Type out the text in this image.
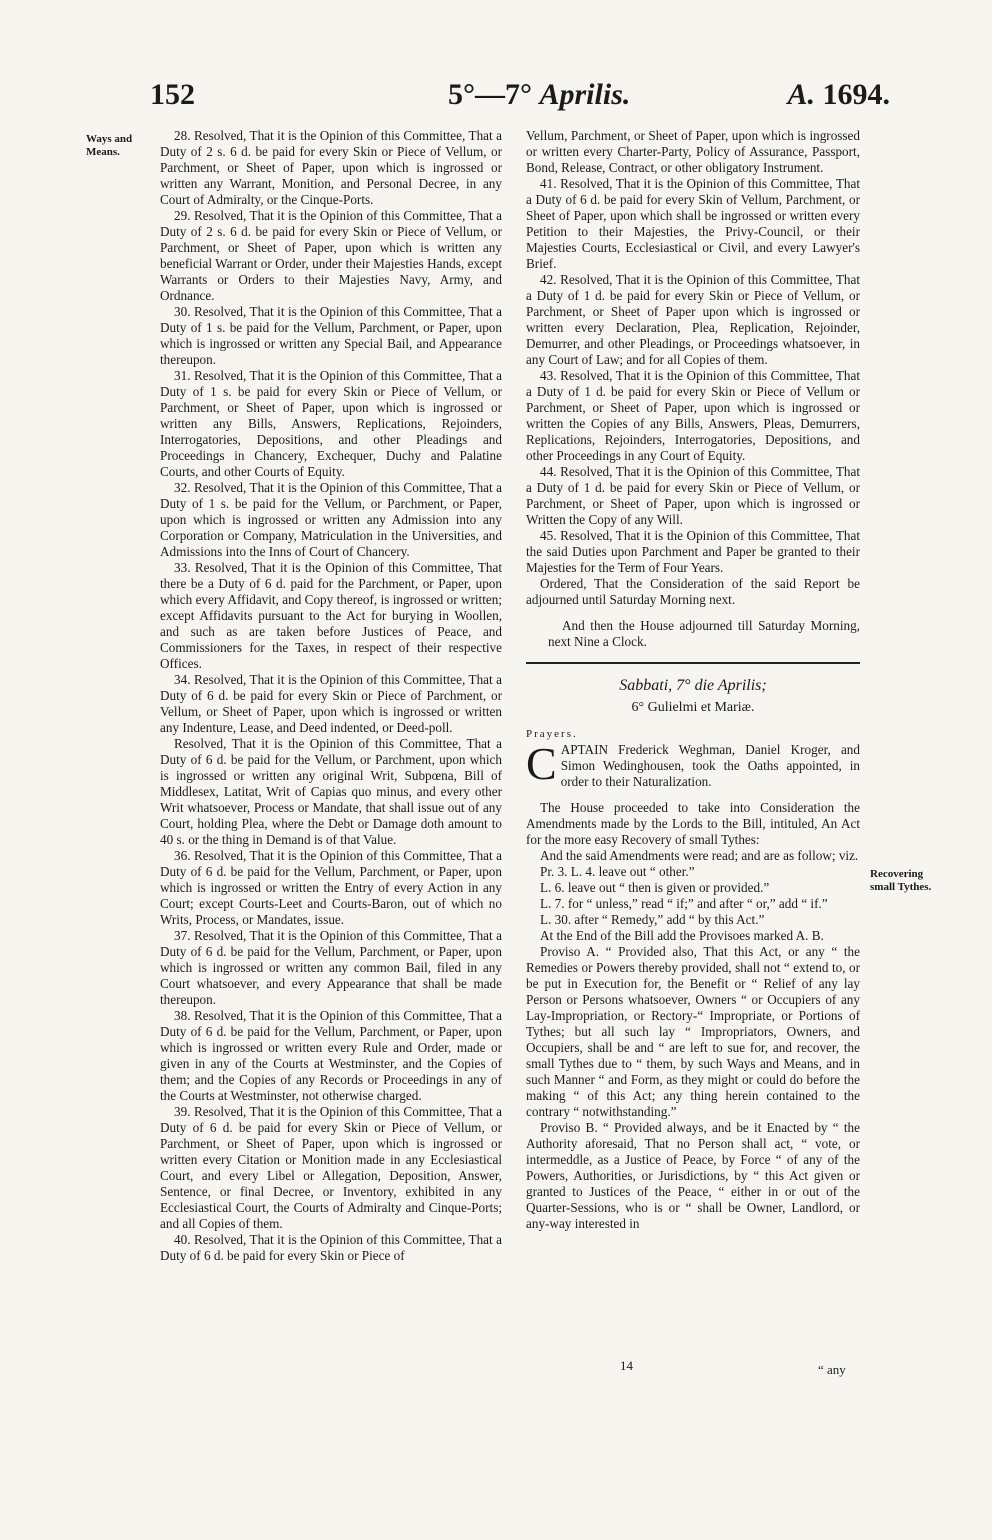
152	5°—7° Aprilis.	A. 1694.
Ways and Means.
Recovering small Tythes.

28. Resolved, That it is the Opinion of this Committee, That a Duty of 2 s. 6 d. be paid for every Skin or Piece of Vellum, or Parchment, or Sheet of Paper, upon which is ingrossed or written any Warrant, Monition, and Personal Decree, in any Court of Admiralty, or the Cinque-Ports.

29. Resolved, That it is the Opinion of this Committee, That a Duty of 2 s. 6 d. be paid for every Skin or Piece of Vellum, or Parchment, or Sheet of Paper, upon which is written any beneficial Warrant or Order, under their Majesties Hands, except Warrants or Orders to their Majesties Navy, Army, and Ordnance.

30. Resolved, That it is the Opinion of this Committee, That a Duty of 1 s. be paid for the Vellum, Parchment, or Paper, upon which is ingrossed or written any Special Bail, and Appearance thereupon.

31. Resolved, That it is the Opinion of this Committee, That a Duty of 1 s. be paid for every Skin or Piece of Vellum, or Parchment, or Sheet of Paper, upon which is ingrossed or written any Bills, Answers, Replications, Rejoinders, Interrogatories, Depositions, and other Pleadings and Proceedings in Chancery, Exchequer, Duchy and Palatine Courts, and other Courts of Equity.

32. Resolved, That it is the Opinion of this Committee, That a Duty of 1 s. be paid for the Vellum, or Parchment, or Paper, upon which is ingrossed or written any Admission into any Corporation or Company, Matriculation in the Universities, and Admissions into the Inns of Court of Chancery.

33. Resolved, That it is the Opinion of this Committee, That there be a Duty of 6 d. paid for the Parchment, or Paper, upon which every Affidavit, and Copy thereof, is ingrossed or written; except Affidavits pursuant to the Act for burying in Woollen, and such as are taken before Justices of Peace, and Commissioners for the Taxes, in respect of their respective Offices.

34. Resolved, That it is the Opinion of this Committee, That a Duty of 6 d. be paid for every Skin or Piece of Parchment, or Vellum, or Sheet of Paper, upon which is ingrossed or written any Indenture, Lease, and Deed indented, or Deed-poll.

Resolved, That it is the Opinion of this Committee, That a Duty of 6 d. be paid for the Vellum, or Parchment, upon which is ingrossed or written any original Writ, Subpœna, Bill of Middlesex, Latitat, Writ of Capias quo minus, and every other Writ whatsoever, Process or Mandate, that shall issue out of any Court, holding Plea, where the Debt or Damage doth amount to 40 s. or the thing in Demand is of that Value.

36. Resolved, That it is the Opinion of this Committee, That a Duty of 6 d. be paid for the Vellum, Parchment, or Paper, upon which is ingrossed or written the Entry of every Action in any Court; except Courts-Leet and Courts-Baron, out of which no Writs, Process, or Mandates, issue.

37. Resolved, That it is the Opinion of this Committee, That a Duty of 6 d. be paid for the Vellum, Parchment, or Paper, upon which is ingrossed or written any common Bail, filed in any Court whatsoever, and every Appearance that shall be made thereupon.

38. Resolved, That it is the Opinion of this Committee, That a Duty of 6 d. be paid for the Vellum, Parchment, or Paper, upon which is ingrossed or written every Rule and Order, made or given in any of the Courts at Westminster, and the Copies of them; and the Copies of any Records or Proceedings in any of the Courts at Westminster, not otherwise charged.

39. Resolved, That it is the Opinion of this Committee, That a Duty of 6 d. be paid for every Skin or Piece of Vellum, or Parchment, or Sheet of Paper, upon which is ingrossed or written every Citation or Monition made in any Ecclesiastical Court, and every Libel or Allegation, Deposition, Answer, Sentence, or final Decree, or Inventory, exhibited in any Ecclesiastical Court, the Courts of Admiralty and Cinque-Ports; and all Copies of them.

40. Resolved, That it is the Opinion of this Committee, That a Duty of 6 d. be paid for every Skin or Piece of

Vellum, Parchment, or Sheet of Paper, upon which is ingrossed or written every Charter-Party, Policy of Assurance, Passport, Bond, Release, Contract, or other obligatory Instrument.

41. Resolved, That it is the Opinion of this Committee, That a Duty of 6 d. be paid for every Skin of Vellum, Parchment, or Sheet of Paper, upon which shall be ingrossed or written every Petition to their Majesties, the Privy-Council, or their Majesties Courts, Ecclesiastical or Civil, and every Lawyer's Brief.

42. Resolved, That it is the Opinion of this Committee, That a Duty of 1 d. be paid for every Skin or Piece of Vellum, or Parchment, or Sheet of Paper upon which is ingrossed or written every Declaration, Plea, Replication, Rejoinder, Demurrer, and other Pleadings, or Proceedings whatsoever, in any Court of Law; and for all Copies of them.

43. Resolved, That it is the Opinion of this Committee, That a Duty of 1 d. be paid for every Skin or Piece of Vellum or Parchment, or Sheet of Paper, upon which is ingrossed or written the Copies of any Bills, Answers, Pleas, Demurrers, Replications, Rejoinders, Interrogatories, Depositions, and other Proceedings in any Court of Equity.

44. Resolved, That it is the Opinion of this Committee, That a Duty of 1 d. be paid for every Skin or Piece of Vellum, or Parchment, or Sheet of Paper, upon which is ingrossed or Written the Copy of any Will.

45. Resolved, That it is the Opinion of this Committee, That the said Duties upon Parchment and Paper be granted to their Majesties for the Term of Four Years.

Ordered, That the Consideration of the said Report be adjourned until Saturday Morning next.

And then the House adjourned till Saturday Morning, next Nine a Clock.

Sabbati, 7° die Aprilis;

6° Gulielmi et Mariæ.

Prayers.

CAPTAIN Frederick Weghman, Daniel Kroger, and Simon Wedinghousen, took the Oaths appointed, in order to their Naturalization.

The House proceeded to take into Consideration the Amendments made by the Lords to the Bill, intituled, An Act for the more easy Recovery of small Tythes:

And the said Amendments were read; and are as follow; viz.

Pr. 3. L. 4. leave out “ other.”

L. 6. leave out “ then is given or provided.”

L. 7. for “ unless,” read “ if;” and after “ or,” add “ if.”

L. 30. after “ Remedy,” add “ by this Act.”

At the End of the Bill add the Provisoes marked A. B.

Proviso A. “ Provided also, That this Act, or any “ the Remedies or Powers thereby provided, shall not “ extend to, or be put in Execution for, the Benefit or “ Relief of any lay Person or Persons whatsoever, Owners “ or Occupiers of any Lay-Impropriation, or Rectory-“ Impropriate, or Portions of Tythes; but all such lay “ Impropriators, Owners, and Occupiers, shall be and “ are left to sue for, and recover, the small Tythes due to “ them, by such Ways and Means, and in such Manner “ and Form, as they might or could do before the making “ of this Act; any thing herein contained to the contrary “ notwithstanding.”

Proviso B. “ Provided always, and be it Enacted by “ the Authority aforesaid, That no Person shall act, “ vote, or intermeddle, as a Justice of Peace, by Force “ of any of the Powers, Authorities, or Jurisdictions, by “ this Act given or granted to Justices of the Peace, “ either in or out of the Quarter-Sessions, who is or “ shall be Owner, Landlord, or any-way interested in

14	“ any
